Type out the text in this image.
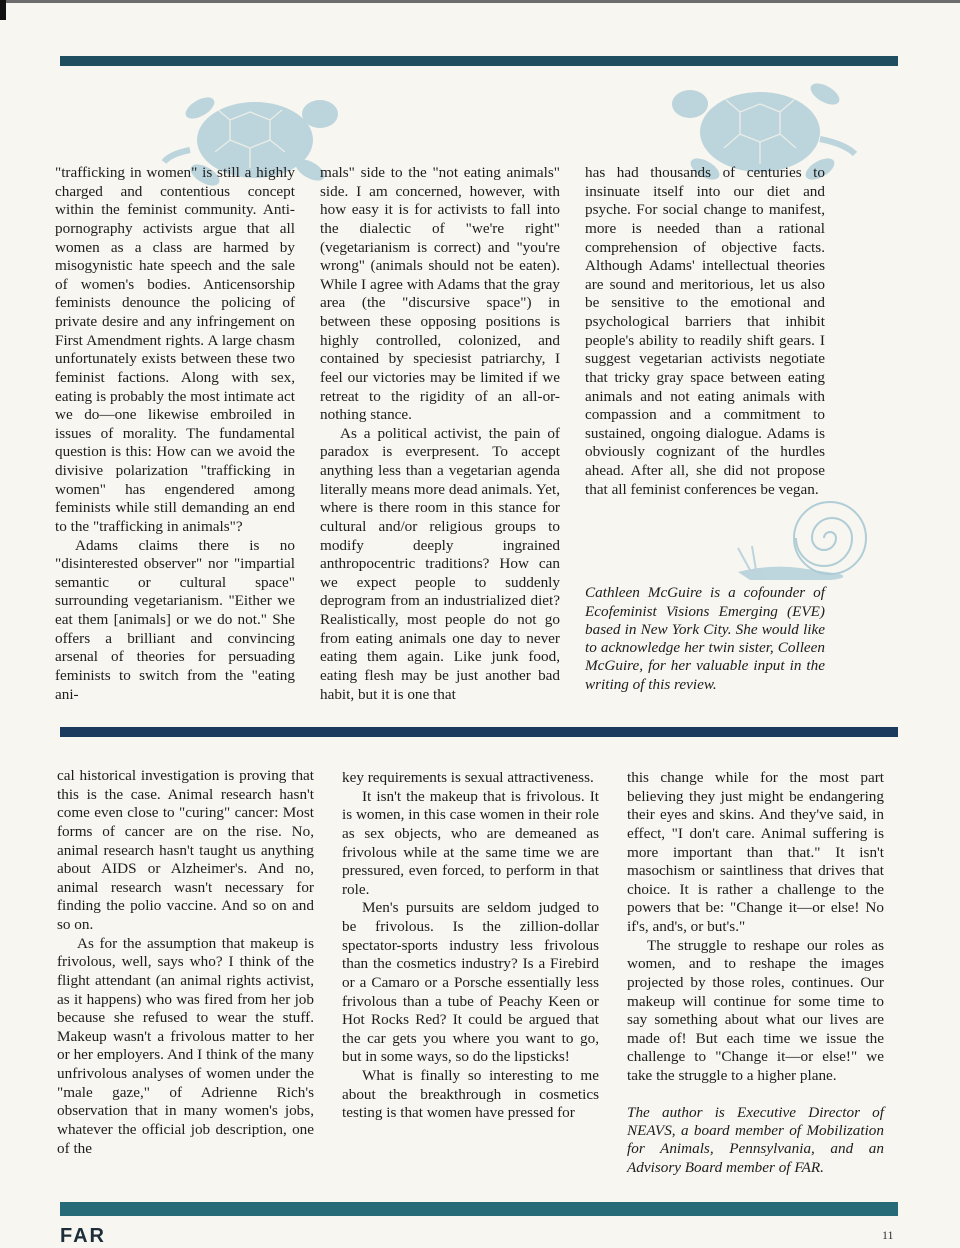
"trafficking in women" is still a highly charged and contentious concept within the feminist community. Anti-pornography activists argue that all women as a class are harmed by misogynistic hate speech and the sale of women's bodies. Anticensorship feminists denounce the policing of private desire and any infringement on First Amendment rights. A large chasm unfortunately exists between these two feminist factions. Along with sex, eating is probably the most intimate act we do—one likewise embroiled in issues of morality. The fundamental question is this: How can we avoid the divisive polarization "trafficking in women" has engendered among feminists while still demanding an end to the "trafficking in animals"?

Adams claims there is no "disinterested observer" nor "impartial semantic or cultural space" surrounding vegetarianism. "Either we eat them [animals] or we do not." She offers a brilliant and convincing arsenal of theories for persuading feminists to switch from the "eating ani-

mals" side to the "not eating animals" side. I am concerned, however, with how easy it is for activists to fall into the dialectic of "we're right" (vegetarianism is correct) and "you're wrong" (animals should not be eaten). While I agree with Adams that the gray area (the "discursive space") in between these opposing positions is highly controlled, colonized, and contained by speciesist patriarchy, I feel our victories may be limited if we retreat to the rigidity of an all-or-nothing stance.

As a political activist, the pain of paradox is everpresent. To accept anything less than a vegetarian agenda literally means more dead animals. Yet, where is there room in this stance for cultural and/or religious groups to modify deeply ingrained anthropocentric traditions? How can we expect people to suddenly deprogram from an industrialized diet? Realistically, most people do not go from eating animals one day to never eating them again. Like junk food, eating flesh may be just another bad habit, but it is one that

has had thousands of centuries to insinuate itself into our diet and psyche. For social change to manifest, more is needed than a rational comprehension of objective facts. Although Adams' intellectual theories are sound and meritorious, let us also be sensitive to the emotional and psychological barriers that inhibit people's ability to readily shift gears. I suggest vegetarian activists negotiate that tricky gray space between eating animals and not eating animals with compassion and a commitment to sustained, ongoing dialogue. Adams is obviously cognizant of the hurdles ahead. After all, she did not propose that all feminist conferences be vegan.

Cathleen McGuire is a cofounder of Ecofeminist Visions Emerging (EVE) based in New York City. She would like to acknowledge her twin sister, Colleen McGuire, for her valuable input in the writing of this review.

cal historical investigation is proving that this is the case. Animal research hasn't come even close to "curing" cancer: Most forms of cancer are on the rise. No, animal research hasn't taught us anything about AIDS or Alzheimer's. And no, animal research wasn't necessary for finding the polio vaccine. And so on and so on.

As for the assumption that makeup is frivolous, well, says who? I think of the flight attendant (an animal rights activist, as it happens) who was fired from her job because she refused to wear the stuff. Makeup wasn't a frivolous matter to her or her employers. And I think of the many unfrivolous analyses of women under the "male gaze," of Adrienne Rich's observation that in many women's jobs, whatever the official job description, one of the

key requirements is sexual attractiveness.

It isn't the makeup that is frivolous. It is women, in this case women in their role as sex objects, who are demeaned as frivolous while at the same time we are pressured, even forced, to perform in that role.

Men's pursuits are seldom judged to be frivolous. Is the zillion-dollar spectator-sports industry less frivolous than the cosmetics industry? Is a Firebird or a Camaro or a Porsche essentially less frivolous than a tube of Peachy Keen or Hot Rocks Red? It could be argued that the car gets you where you want to go, but in some ways, so do the lipsticks!

What is finally so interesting to me about the breakthrough in cosmetics testing is that women have pressed for

this change while for the most part believing they just might be endangering their eyes and skins. And they've said, in effect, "I don't care. Animal suffering is more important than that." It isn't masochism or saintliness that drives that choice. It is rather a challenge to the powers that be: "Change it—or else! No if's, and's, or but's."

The struggle to reshape our roles as women, and to reshape the images projected by those roles, continues. Our makeup will continue for some time to say something about what our lives are made of! But each time we issue the challenge to "Change it—or else!" we take the struggle to a higher plane.

The author is Executive Director of NEAVS, a board member of Mobilization for Animals, Pennsylvania, and an Advisory Board member of FAR.

FAR	11
